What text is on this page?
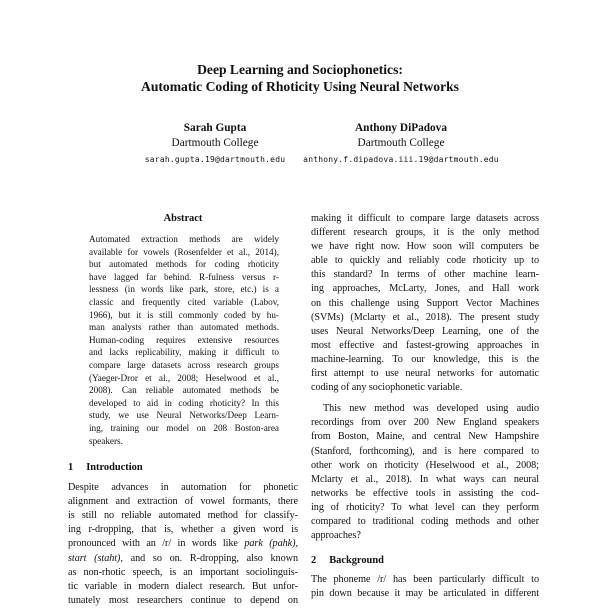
Deep Learning and Sociophonetics:
Automatic Coding of Rhoticity Using Neural Networks
Sarah Gupta
Dartmouth College
sarah.gupta.19@dartmouth.edu
Anthony DiPadova
Dartmouth College
anthony.f.dipadova.iii.19@dartmouth.edu
Abstract
Automated extraction methods are widely
available for vowels (Rosenfelder et al., 2014),
but automated methods for coding rhoticity
have lagged far behind. R-fulness versus r-
lessness (in words like park, store, etc.) is a
classic and frequently cited variable (Labov,
1966), but it is still commonly coded by hu-
man analysts rather than automated methods.
Human-coding requires extensive resources
and lacks replicability, making it difficult to
compare large datasets across research groups
(Yaeger-Dror et al., 2008; Heselwood et al.,
2008). Can reliable automated methods be
developed to aid in coding rhoticity? In this
study, we use Neural Networks/Deep Learn-
ing, training our model on 208 Boston-area
speakers.
1 Introduction
Despite advances in automation for phonetic
alignment and extraction of vowel formants, there
is still no reliable automated method for classify-
ing r-dropping, that is, whether a given word is
pronounced with an /r/ in words like park (pahk),
start (staht), and so on. R-dropping, also known
as non-rhotic speech, is an important sociolinguis-
tic variable in modern dialect research. But unfor-
tunately most researchers continue to depend on
making it difficult to compare large datasets across
different research groups, it is the only method
we have right now. How soon will computers be
able to quickly and reliably code rhoticity up to
this standard? In terms of other machine learn-
ing approaches, McLarty, Jones, and Hall work
on this challenge using Support Vector Machines
(SVMs) (Mclarty et al., 2018). The present study
uses Neural Networks/Deep Learning, one of the
most effective and fastest-growing approaches in
machine-learning. To our knowledge, this is the
first attempt to use neural networks for automatic
coding of any sociophonetic variable.
This new method was developed using audio
recordings from over 200 New England speakers
from Boston, Maine, and central New Hampshire
(Stanford, forthcoming), and is here compared to
other work on rhoticity (Heselwood et al., 2008;
Mclarty et al., 2018). In what ways can neural
networks be effective tools in assisting the cod-
ing of rhoticity? To what level can they perform
compared to traditional coding methods and other
approaches?
2 Background
The phoneme /r/ has been particularly difficult to
pin down because it may be articulated in different
